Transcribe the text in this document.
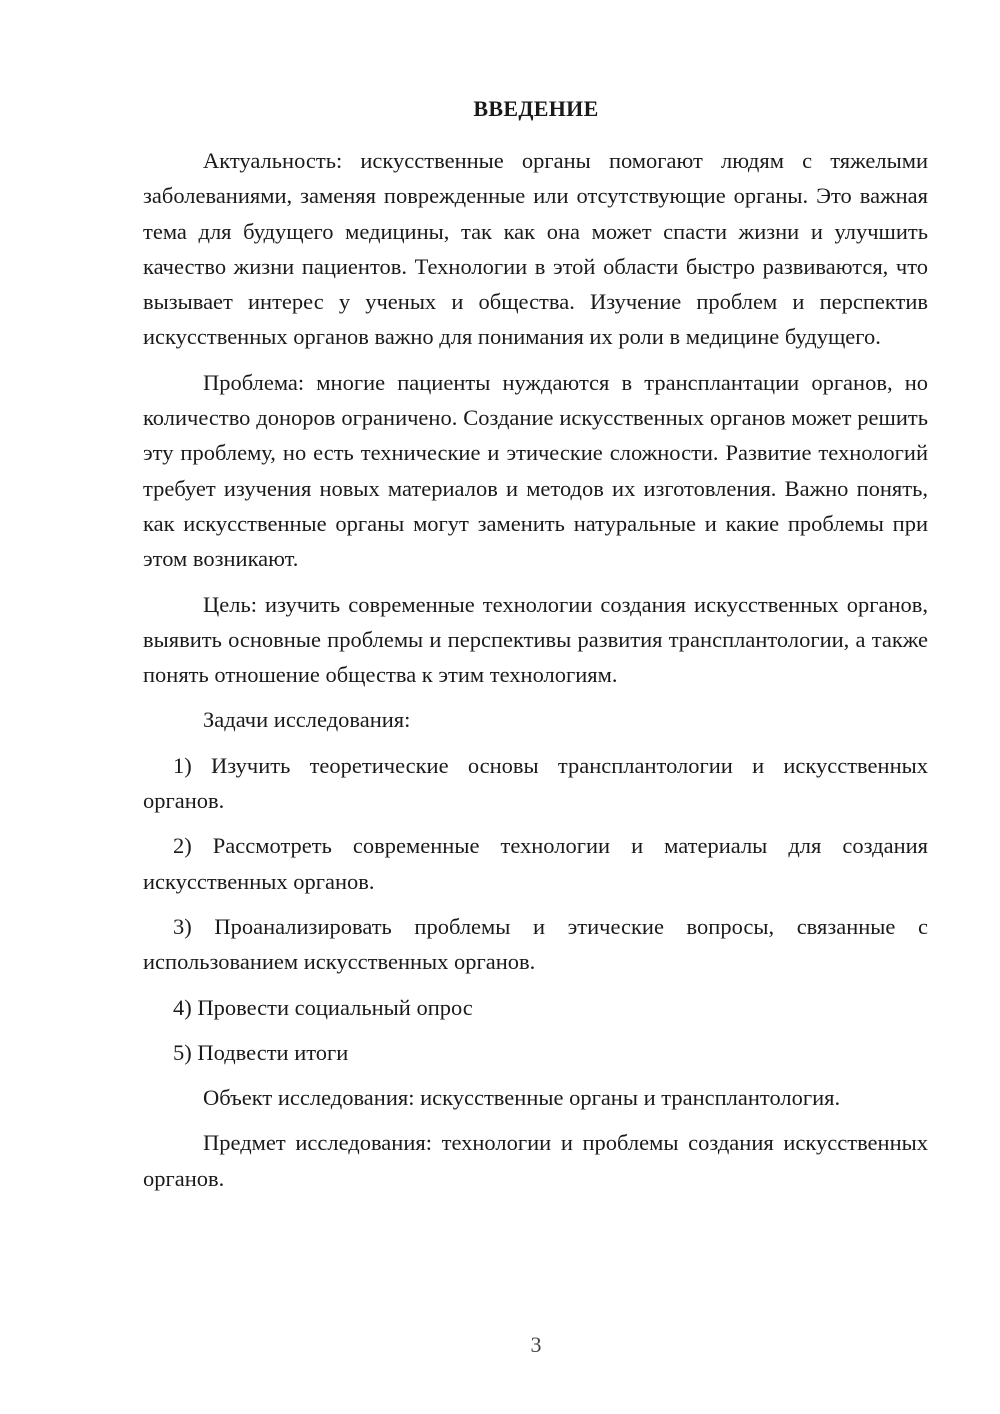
ВВЕДЕНИЕ

Актуальность: искусственные органы помогают людям с тяжелыми заболеваниями, заменяя поврежденные или отсутствующие органы. Это важная тема для будущего медицины, так как она может спасти жизни и улучшить качество жизни пациентов. Технологии в этой области быстро развиваются, что вызывает интерес у ученых и общества. Изучение проблем и перспектив искусственных органов важно для понимания их роли в медицине будущего.

Проблема: многие пациенты нуждаются в трансплантации органов, но количество доноров ограничено. Создание искусственных органов может решить эту проблему, но есть технические и этические сложности. Развитие технологий требует изучения новых материалов и методов их изготовления. Важно понять, как искусственные органы могут заменить натуральные и какие проблемы при этом возникают.

Цель: изучить современные технологии создания искусственных органов, выявить основные проблемы и перспективы развития трансплантологии, а также понять отношение общества к этим технологиям.

Задачи исследования:

1) Изучить теоретические основы трансплантологии и искусственных органов.

2) Рассмотреть современные технологии и материалы для создания искусственных органов.

3) Проанализировать проблемы и этические вопросы, связанные с использованием искусственных органов.

4) Провести социальный опрос

5) Подвести итоги

Объект исследования: искусственные органы и трансплантология.

Предмет исследования: технологии и проблемы создания искусственных органов.

3
